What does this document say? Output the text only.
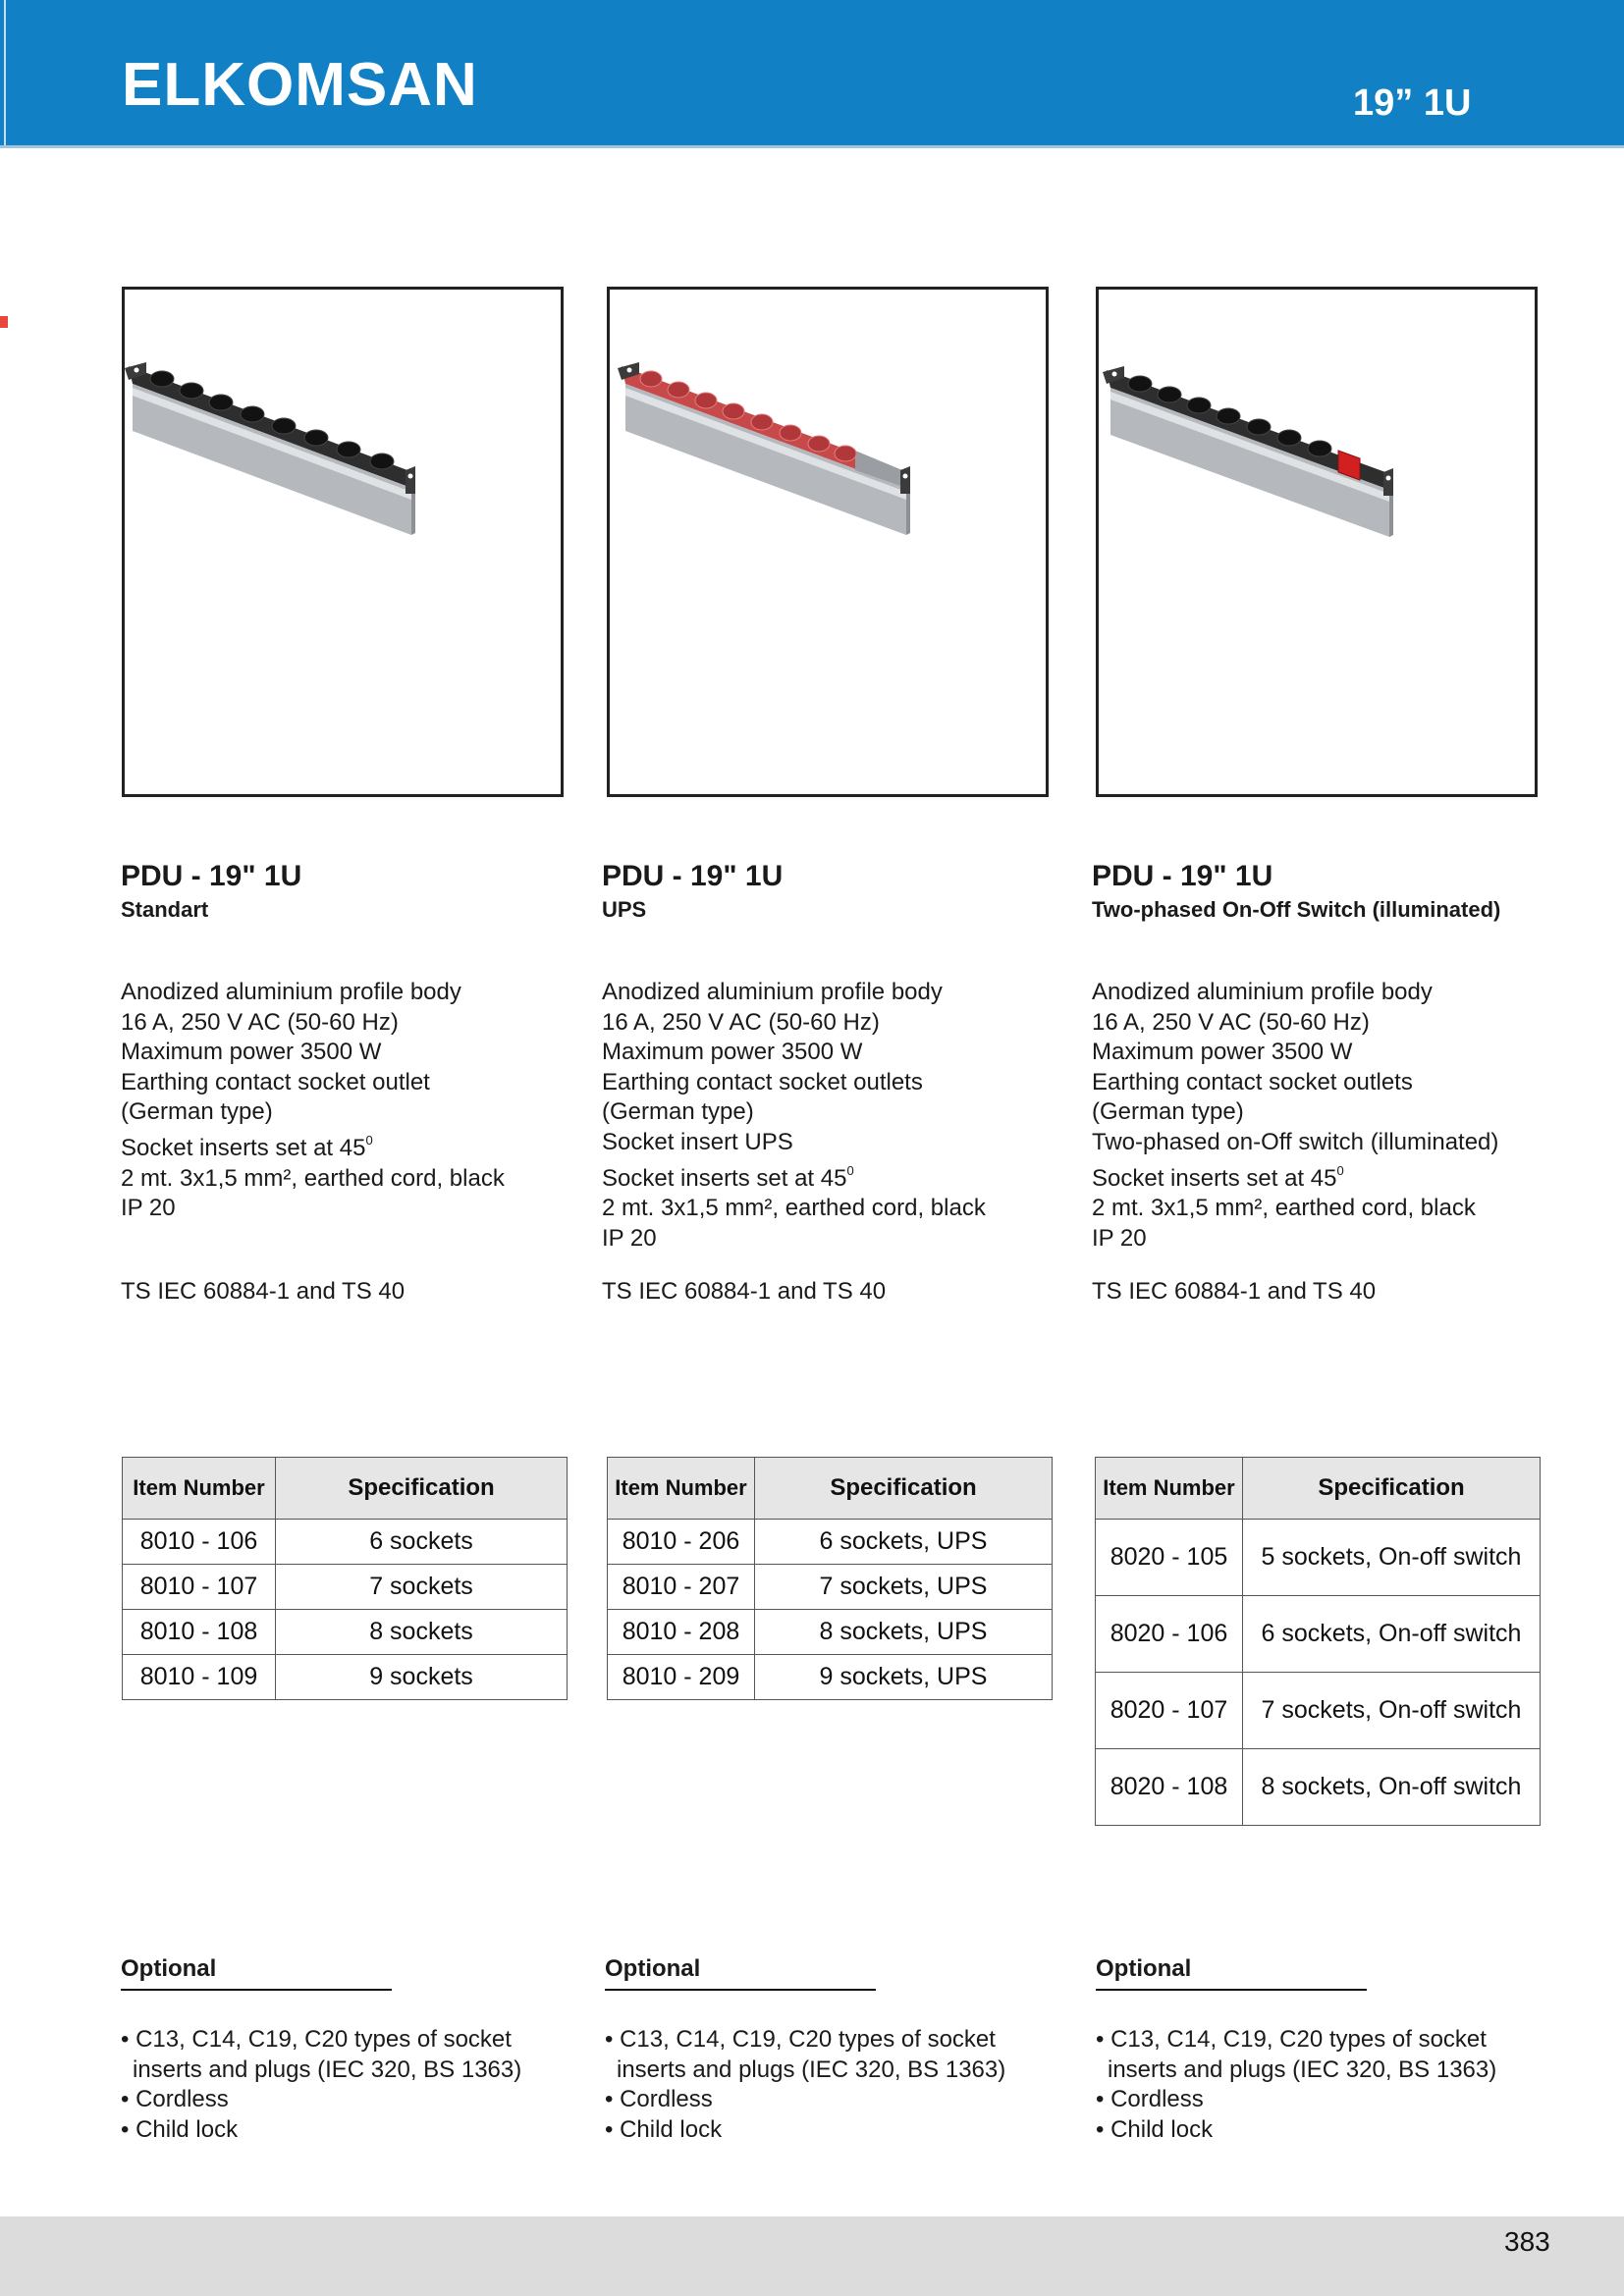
ELKOMSAN	19” 1U
PDU - 19" 1U
Standart
Anodized aluminium profile body
16 A, 250 V AC (50-60 Hz)
Maximum power 3500 W
Earthing contact socket outlet
(German type)
Socket inserts set at $45^0$
2 mt. 3x1,5 mm², earthed cord, black
IP 20
TS IEC 60884-1 and TS 40
Item Number	Specification
8010 - 106	6 sockets
8010 - 107	7 sockets
8010 - 108	8 sockets
8010 - 109	9 sockets
Optional
• C13, C14, C19, C20 types of socket
inserts and plugs (IEC 320, BS 1363)
• Cordless
• Child lock
PDU - 19" 1U
UPS
Anodized aluminium profile body
16 A, 250 V AC (50-60 Hz)
Maximum power 3500 W
Earthing contact socket outlets
(German type)
Socket insert UPS
Socket inserts set at $45^0$
2 mt. 3x1,5 mm², earthed cord, black
IP 20
TS IEC 60884-1 and TS 40
Item Number	Specification
8010 - 206	6 sockets, UPS
8010 - 207	7 sockets, UPS
8010 - 208	8 sockets, UPS
8010 - 209	9 sockets, UPS
Optional
• C13, C14, C19, C20 types of socket
inserts and plugs (IEC 320, BS 1363)
• Cordless
• Child lock
PDU - 19" 1U
Two-phased On-Off Switch (illuminated)
Anodized aluminium profile body
16 A, 250 V AC (50-60 Hz)
Maximum power 3500 W
Earthing contact socket outlets
(German type)
Two-phased on-Off switch (illuminated)
Socket inserts set at $45^0$
2 mt. 3x1,5 mm², earthed cord, black
IP 20
TS IEC 60884-1 and TS 40
Item Number	Specification
8020 - 105	5 sockets, On-off switch
8020 - 106	6 sockets, On-off switch
8020 - 107	7 sockets, On-off switch
8020 - 108	8 sockets, On-off switch
Optional
• C13, C14, C19, C20 types of socket
inserts and plugs (IEC 320, BS 1363)
• Cordless
• Child lock
383
